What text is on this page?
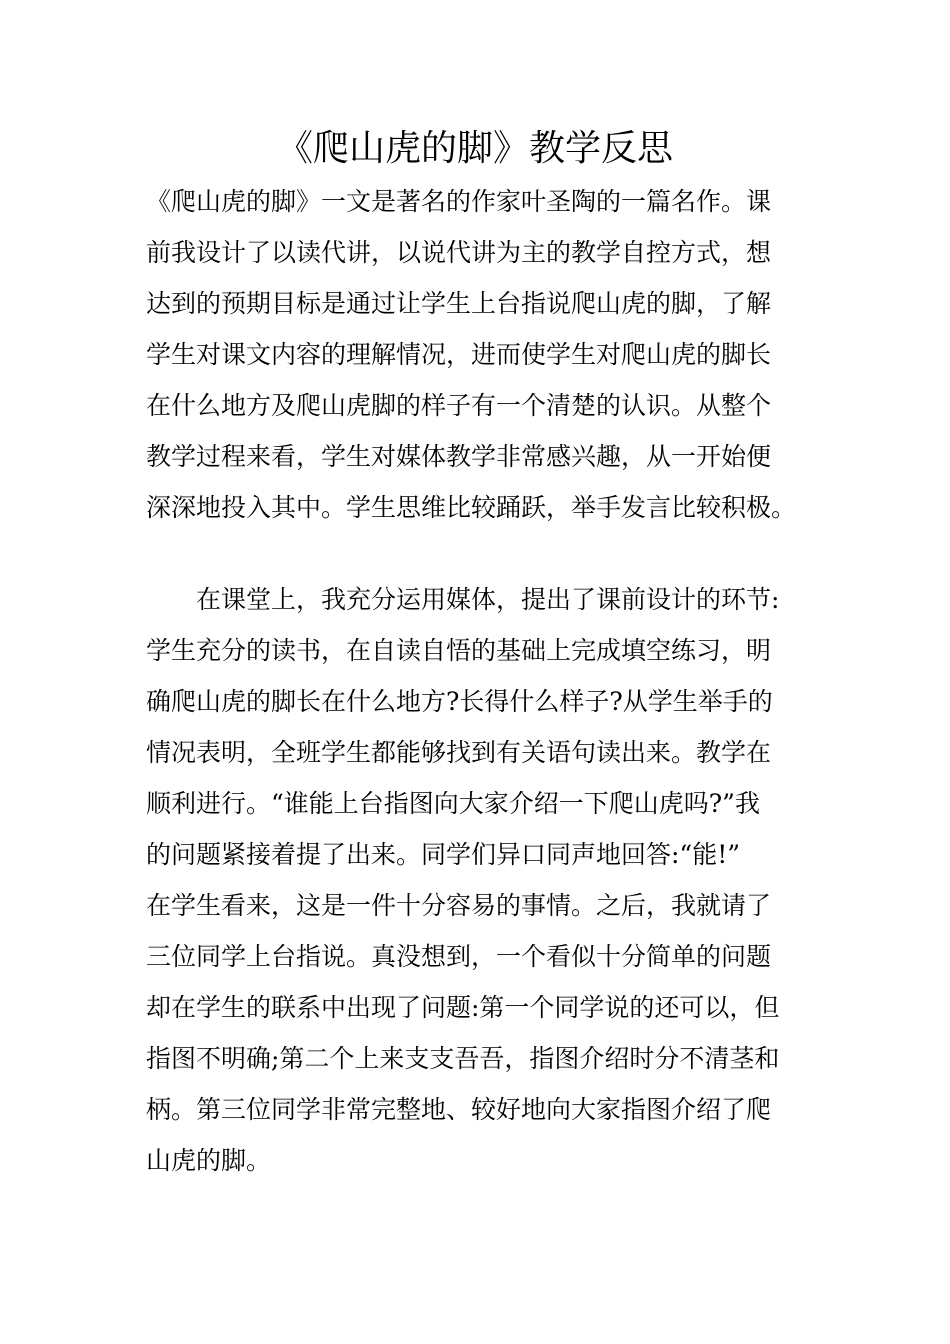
《爬山虎的脚》教学反思
《爬山虎的脚》一文是著名的作家叶圣陶的一篇名作。课
前我设计了以读代讲，以说代讲为主的教学自控方式，想
达到的预期目标是通过让学生上台指说爬山虎的脚，了解
学生对课文内容的理解情况，进而使学生对爬山虎的脚长
在什么地方及爬山虎脚的样子有一个清楚的认识。从整个
教学过程来看，学生对媒体教学非常感兴趣，从一开始便
深深地投入其中。学生思维比较踊跃，举手发言比较积极。
　　在课堂上，我充分运用媒体，提出了课前设计的环节:
学生充分的读书，在自读自悟的基础上完成填空练习，明
确爬山虎的脚长在什么地方?长得什么样子?从学生举手的
情况表明，全班学生都能够找到有关语句读出来。教学在
顺利进行。“谁能上台指图向大家介绍一下爬山虎吗?”我
的问题紧接着提了出来。同学们异口同声地回答:“能!”
在学生看来，这是一件十分容易的事情。之后，我就请了
三位同学上台指说。真没想到，一个看似十分简单的问题
却在学生的联系中出现了问题:第一个同学说的还可以，但
指图不明确;第二个上来支支吾吾，指图介绍时分不清茎和
柄。第三位同学非常完整地、较好地向大家指图介绍了爬
山虎的脚。
